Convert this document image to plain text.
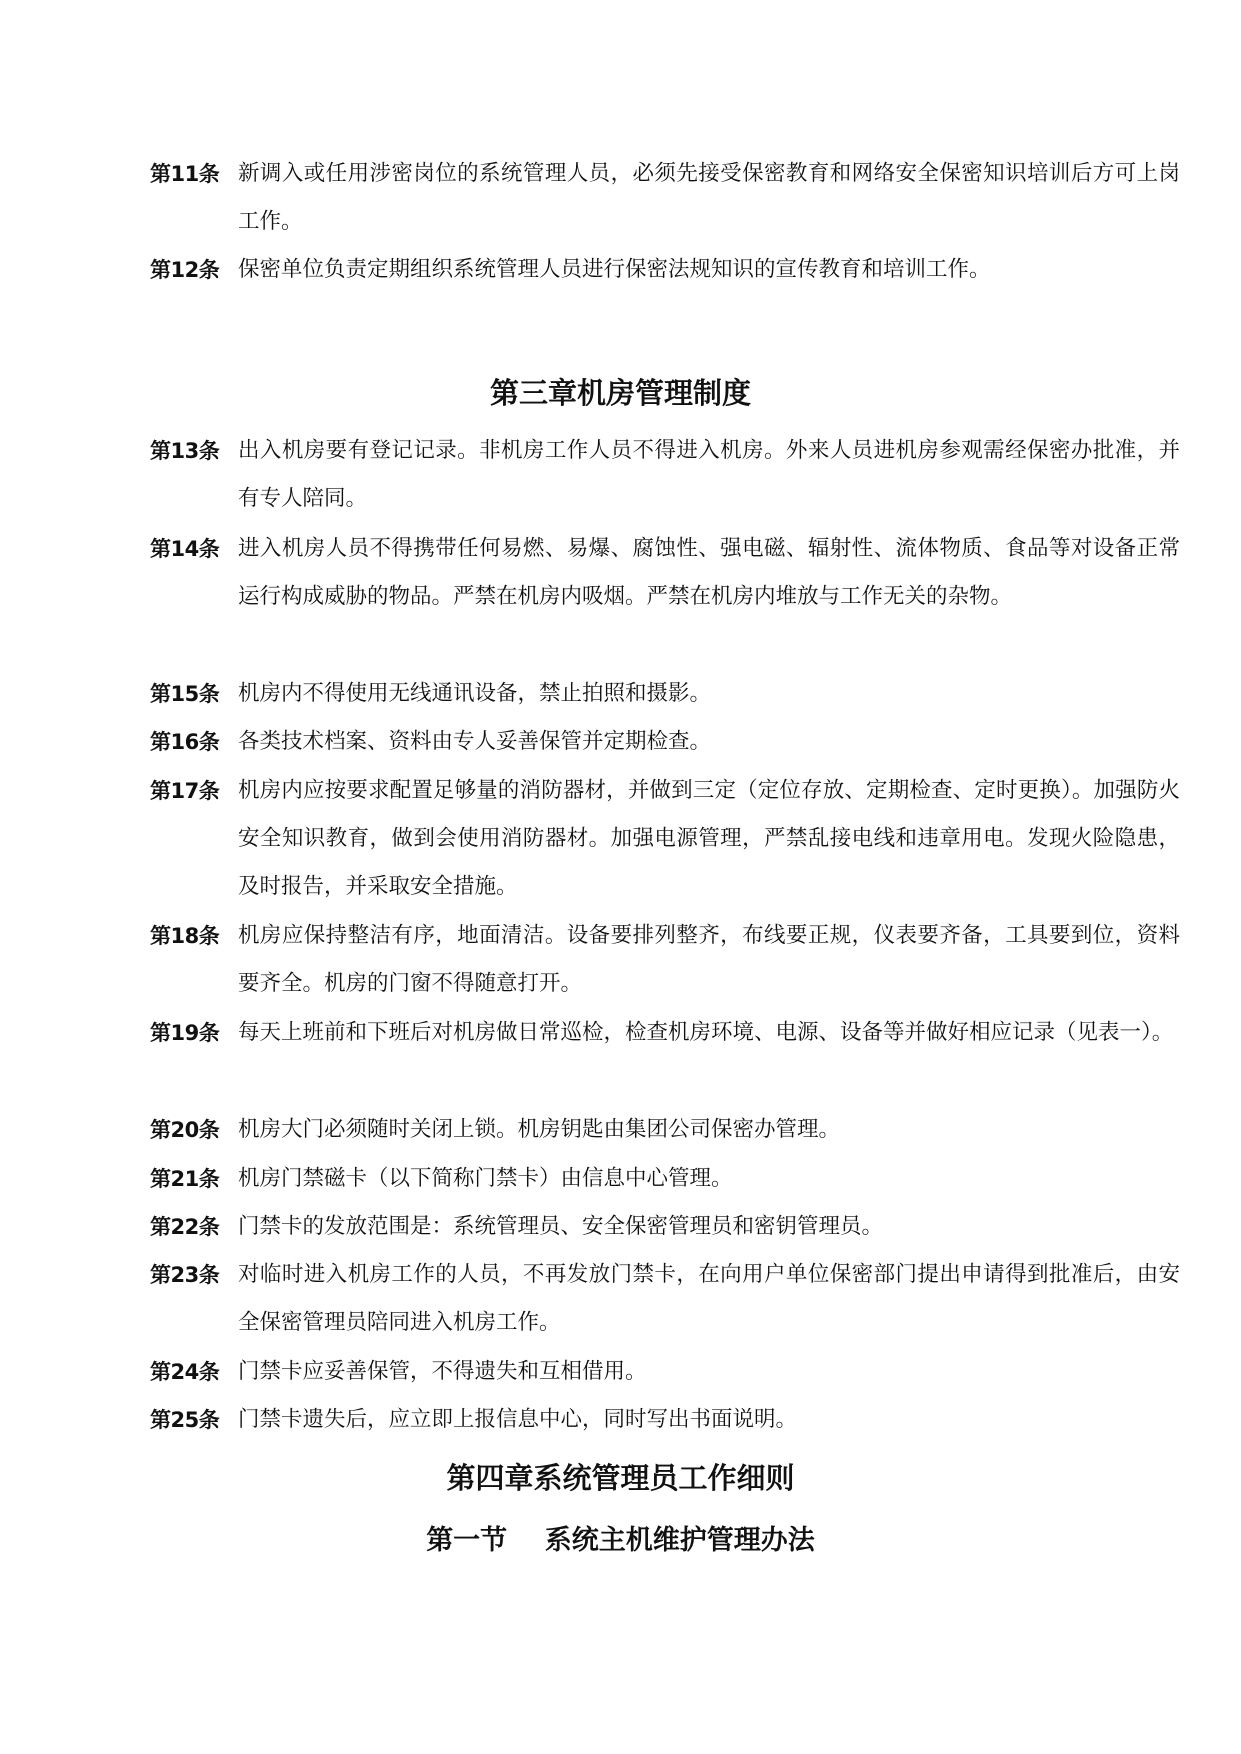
第11条 新调入或任用涉密岗位的系统管理人员，必须先接受保密教育和网络安全保密知识培训后方可上岗工作。
第12条 保密单位负责定期组织系统管理人员进行保密法规知识的宣传教育和培训工作。
第三章机房管理制度
第13条 出入机房要有登记记录。非机房工作人员不得进入机房。外来人员进机房参观需经保密办批准，并有专人陪同。
第14条 进入机房人员不得携带任何易燃、易爆、腐蚀性、强电磁、辐射性、流体物质、食品等对设备正常运行构成威胁的物品。严禁在机房内吸烟。严禁在机房内堆放与工作无关的杂物。
第15条 机房内不得使用无线通讯设备，禁止拍照和摄影。
第16条 各类技术档案、资料由专人妥善保管并定期检查。
第17条 机房内应按要求配置足够量的消防器材，并做到三定（定位存放、定期检查、定时更换）。加强防火安全知识教育，做到会使用消防器材。加强电源管理，严禁乱接电线和违章用电。发现火险隐患，及时报告，并采取安全措施。
第18条 机房应保持整洁有序，地面清洁。设备要排列整齐，布线要正规，仪表要齐备，工具要到位，资料要齐全。机房的门窗不得随意打开。
第19条 每天上班前和下班后对机房做日常巡检，检查机房环境、电源、设备等并做好相应记录（见表一）。
第20条 机房大门必须随时关闭上锁。机房钥匙由集团公司保密办管理。
第21条 机房门禁磁卡（以下简称门禁卡）由信息中心管理。
第22条 门禁卡的发放范围是：系统管理员、安全保密管理员和密钥管理员。
第23条 对临时进入机房工作的人员，不再发放门禁卡，在向用户单位保密部门提出申请得到批准后，由安全保密管理员陪同进入机房工作。
第24条 门禁卡应妥善保管，不得遗失和互相借用。
第25条 门禁卡遗失后，应立即上报信息中心，同时写出书面说明。
第四章系统管理员工作细则
第一节    系统主机维护管理办法
